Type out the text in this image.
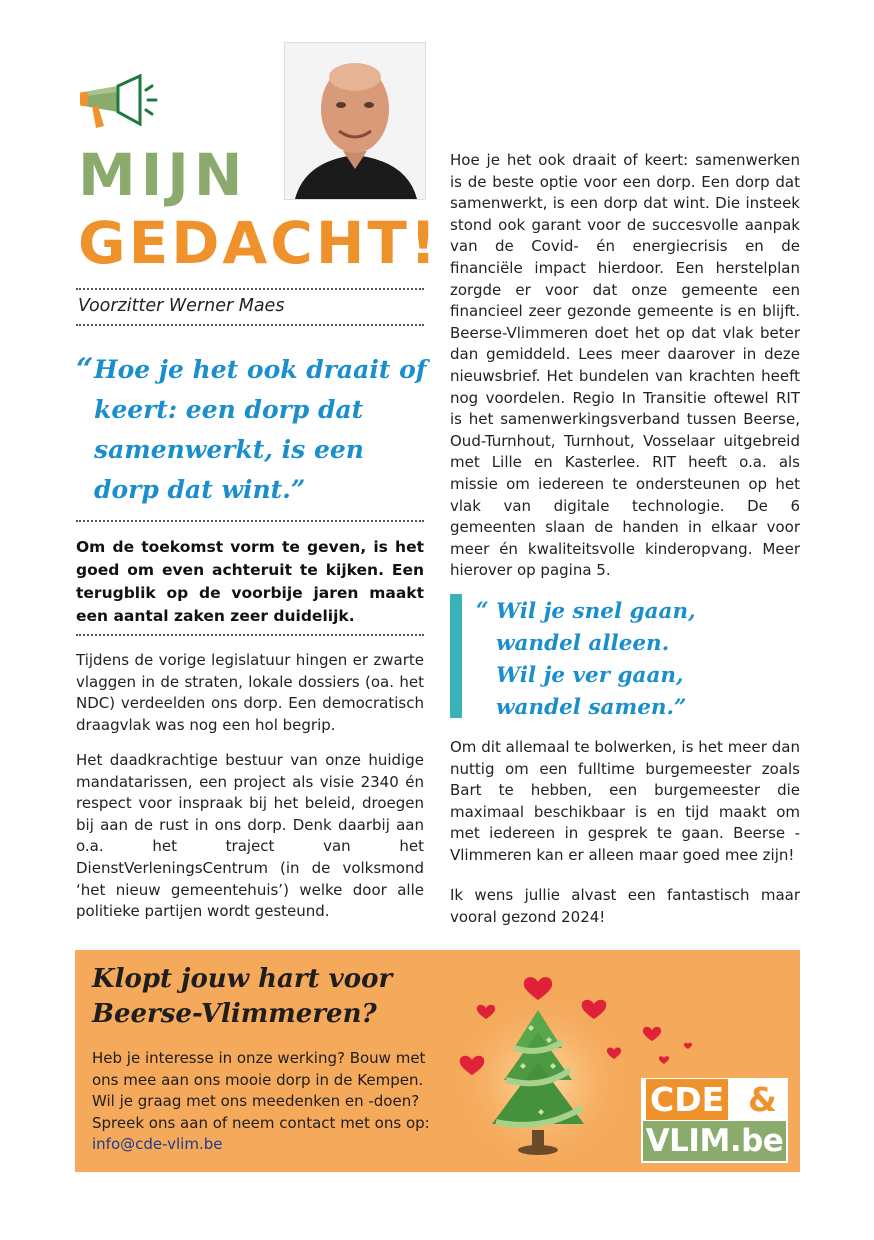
MIJN
GEDACHT!
Voorzitter Werner Maes
“ Hoe je het ook draait of keert: een dorp dat samenwerkt, is een dorp dat wint.”
Om de toekomst vorm te geven, is het goed om even achteruit te kijken. Een terugblik op de voorbije jaren maakt een aantal zaken zeer duidelijk.
Tijdens de vorige legislatuur hingen er zwarte vlaggen in de straten, lokale dossiers (oa. het NDC) verdeelden ons dorp. Een democratisch draagvlak was nog een hol begrip.
Het daadkrachtige bestuur van onze huidige mandatarissen, een project als visie 2340 én respect voor inspraak bij het beleid, droegen bij aan de rust in ons dorp. Denk daarbij aan o.a. het traject van het DienstVerleningsCentrum (in de volksmond ‘het nieuw gemeentehuis’) welke door alle politieke partijen wordt gesteund.
Hoe je het ook draait of keert: samenwerken is de beste optie voor een dorp. Een dorp dat samenwerkt, is een dorp dat wint. Die insteek stond ook garant voor de succesvolle aanpak van de Covid- én energiecrisis en de financiële impact hierdoor. Een herstelplan zorgde er voor dat onze gemeente een financieel zeer gezonde gemeente is en blijft. Beerse-Vlimmeren doet het op dat vlak beter dan gemiddeld. Lees meer daarover in deze nieuwsbrief. Het bundelen van krachten heeft nog voordelen. Regio In Transitie oftewel RIT is het samenwerkingsverband tussen Beerse, Oud-Turnhout, Turnhout, Vosselaar uitgebreid met Lille en Kasterlee. RIT heeft o.a. als missie om iedereen te ondersteunen op het vlak van digitale technologie. De 6 gemeenten slaan de handen in elkaar voor meer én kwaliteitsvolle kinderopvang. Meer hierover op pagina 5.
“ Wil je snel gaan,
wandel alleen.
Wil je ver gaan,
wandel samen.”
Om dit allemaal te bolwerken, is het meer dan nuttig om een fulltime burgemeester zoals Bart te hebben, een burgemeester die maximaal beschikbaar is en tijd maakt om met iedereen in gesprek te gaan. Beerse -Vlimmeren kan er alleen maar goed mee zijn!
Ik wens jullie alvast een fantastisch maar vooral gezond 2024!
Klopt jouw hart voor
Beerse-Vlimmeren?
Heb je interesse in onze werking? Bouw met ons mee aan ons mooie dorp in de Kempen. Wil je graag met ons meedenken en -doen? Spreek ons aan of neem contact met ons op: info@cde-vlim.be
CDE &
VLIM.be
